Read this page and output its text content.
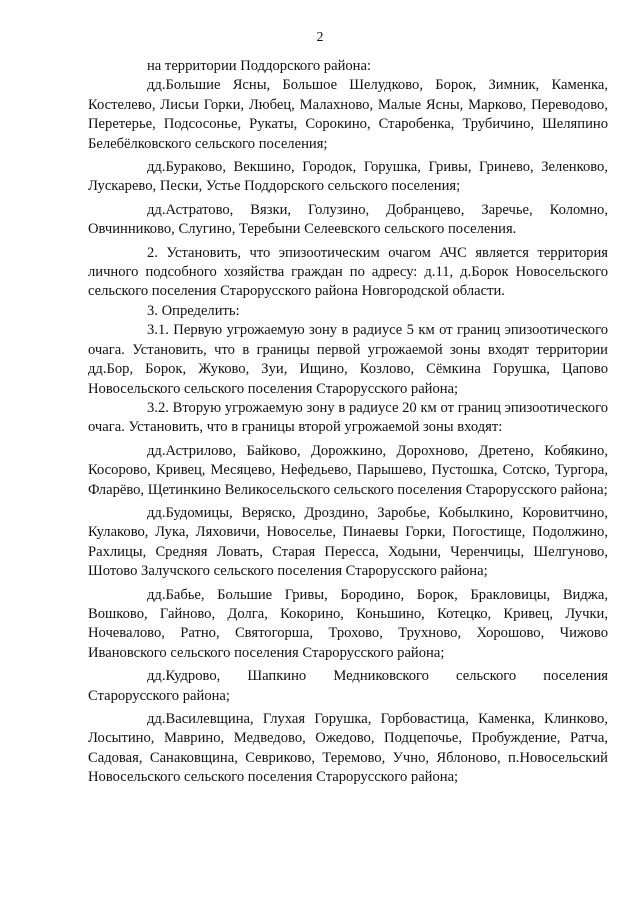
2

на территории Поддорского района:

дд.Большие Ясны, Большое Шелудково, Борок, Зимник, Каменка, Костелево, Лисьи Горки, Любец, Малахново, Малые Ясны, Марково, Переводово, Перетерье, Подсосонье, Рукаты, Сорокино, Старобенка, Трубичино, Шеляпино Белебёлковского сельского поселения;

дд.Бураково, Векшино, Городок, Горушка, Гривы, Гринево, Зеленково, Лускарево, Пески, Устье Поддорского сельского поселения;

дд.Астратово, Вязки, Голузино, Добранцево, Заречье, Коломно, Овчинниково, Слугино, Теребыни Селеевского сельского поселения.

2. Установить, что эпизоотическим очагом АЧС является территория личного подсобного хозяйства граждан по адресу: д.11, д.Борок Новосельского сельского поселения Старорусского района Новгородской области.

3. Определить:

3.1. Первую угрожаемую зону в радиусе 5 км от границ эпизоотического очага. Установить, что в границы первой угрожаемой зоны входят территории дд.Бор, Борок, Жуково, Зуи, Ищино, Козлово, Сёмкина Горушка, Цапово Новосельского сельского поселения Старорусского района;

3.2. Вторую угрожаемую зону в радиусе 20 км от границ эпизоотического очага. Установить, что в границы второй угрожаемой зоны входят:

дд.Астрилово, Байково, Дорожкино, Дорохново, Дретено, Кобякино, Косорово, Кривец, Месяцево, Нефедьево, Парышево, Пустошка, Сотско, Тургора, Фларёво, Щетинкино Великосельского сельского поселения Старорусского района;

дд.Будомицы, Веряско, Дроздино, Заробье, Кобылкино, Коровитчино, Кулаково, Лука, Ляховичи, Новоселье, Пинаевы Горки, Погостище, Подолжино, Рахлицы, Средняя Ловать, Старая Пересса, Ходыни, Черенчицы, Шелгуново, Шотово Залучского сельского поселения Старорусского района;

дд.Бабье, Большие Гривы, Бородино, Борок, Бракловицы, Виджа, Вошково, Гайново, Долга, Кокорино, Коньшино, Котецко, Кривец, Лучки, Ночевалово, Ратно, Святогорша, Трохово, Трухново, Хорошово, Чижово Ивановского сельского поселения Старорусского района;

дд.Кудрово, Шапкино Медниковского сельского поселения Старорусского района;

дд.Василевщина, Глухая Горушка, Горбовастица, Каменка, Клинково, Лосытино, Маврино, Медведово, Ожедово, Подцепочье, Пробуждение, Ратча, Садовая, Санаковщина, Севриково, Теремово, Учно, Яблоново, п.Новосельский Новосельского сельского поселения Старорусского района;
